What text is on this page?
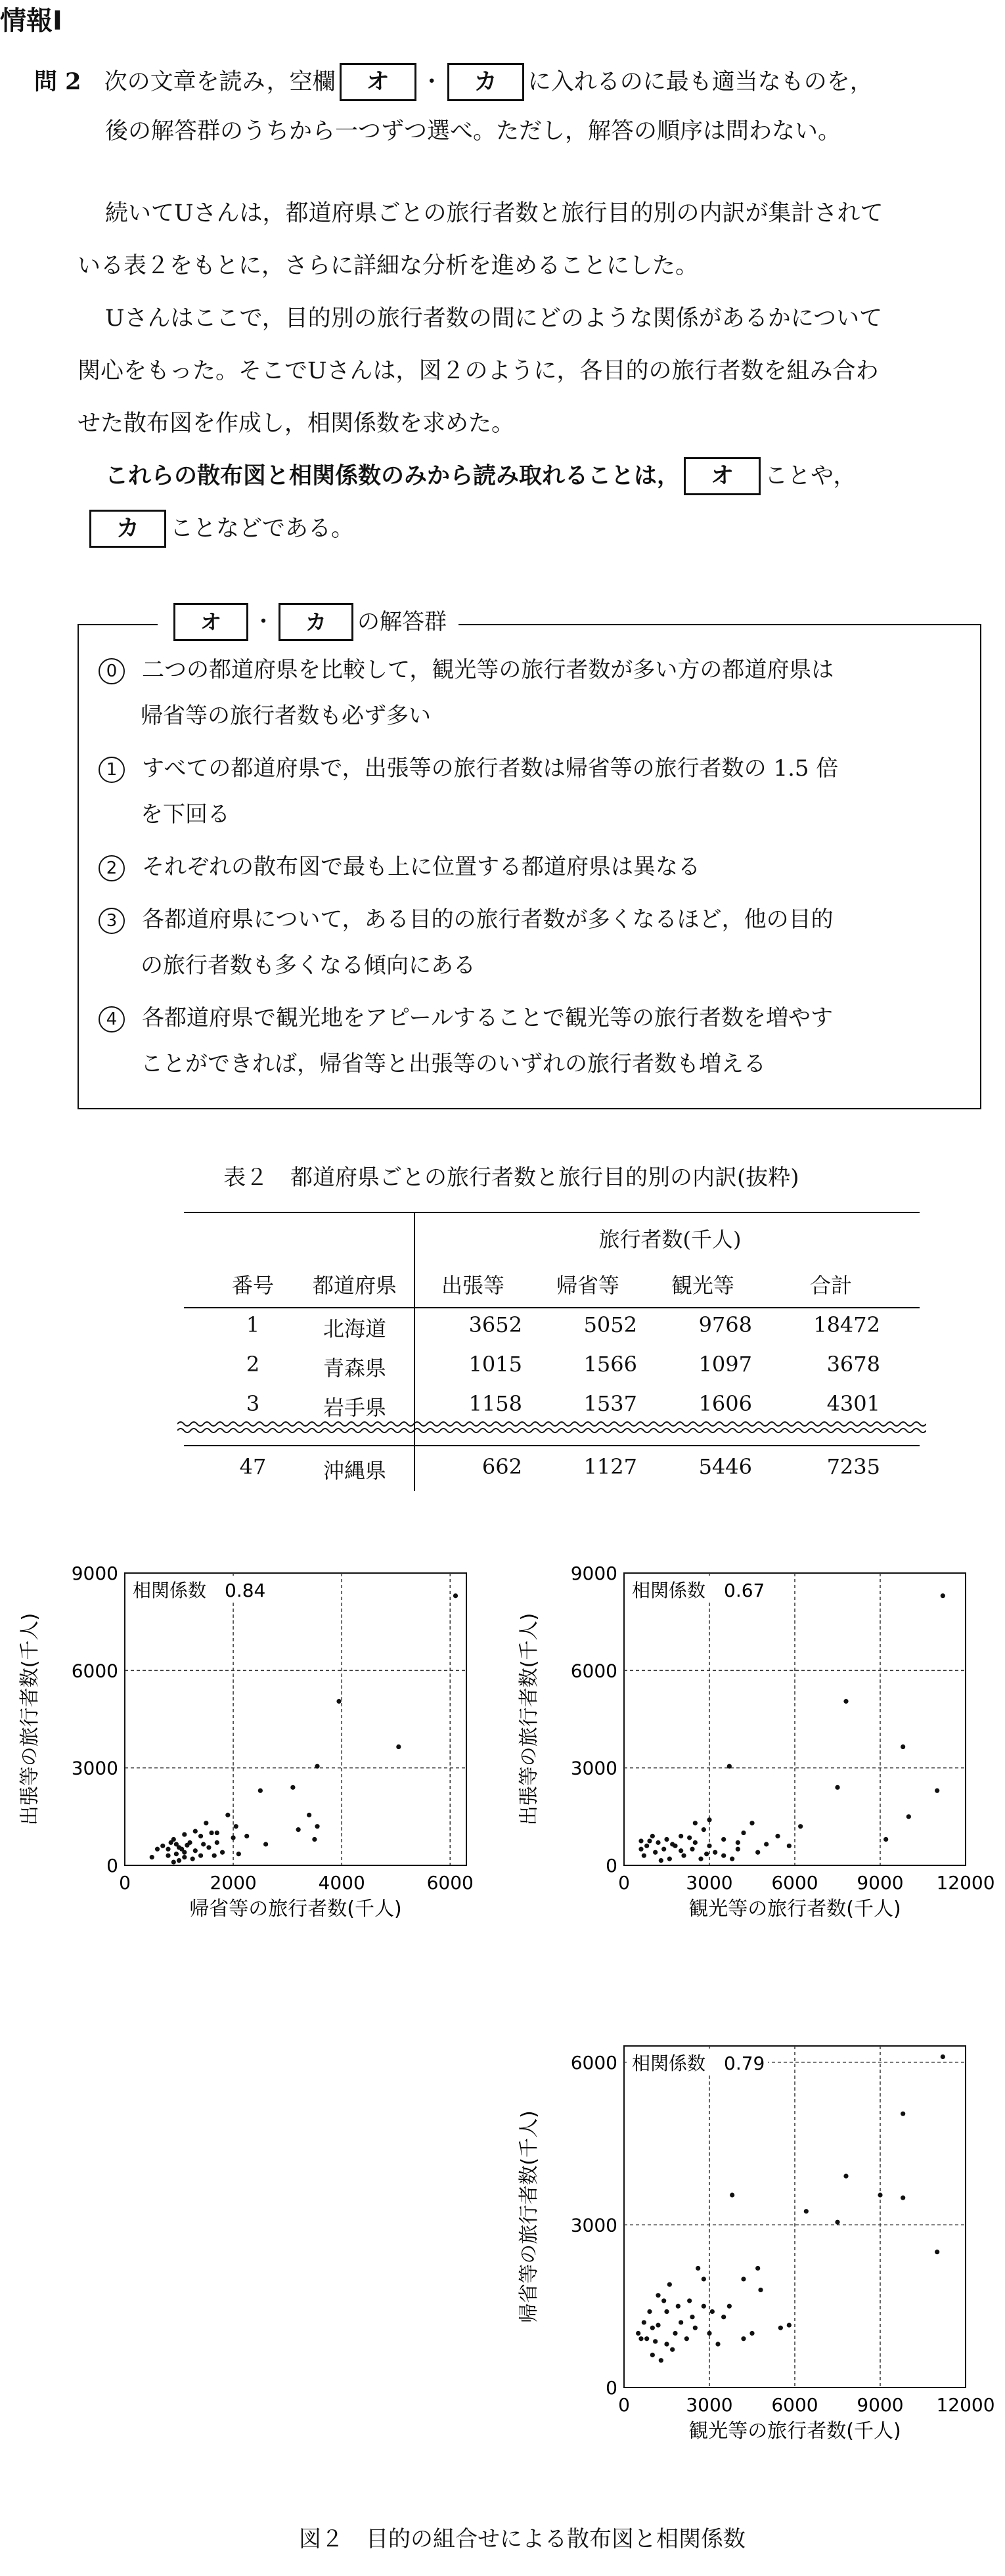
情報Ⅰ
問 2　 次の文章を読み，空欄 オ ・ カ に入れるのに最も適当なものを，
後の解答群のうちから一つずつ選べ。ただし，解答の順序は問わない。
続いてUさんは，都道府県ごとの旅行者数と旅行目的別の内訳が集計されて
いる表２をもとに，さらに詳細な分析を進めることにした。
Uさんはここで，目的別の旅行者数の間にどのような関係があるかについて
関心をもった。そこでUさんは，図２のように，各目的の旅行者数を組み合わ
せた散布図を作成し，相関係数を求めた。
これらの散布図と相関係数のみから読み取れることは， オ ことや，
カ ことなどである。
オ ・ カ の解答群
0 二つの都道府県を比較して，観光等の旅行者数が多い方の都道府県は
帰省等の旅行者数も必ず多い
1 すべての都道府県で，出張等の旅行者数は帰省等の旅行者数の 1.5 倍
を下回る
2 それぞれの散布図で最も上に位置する都道府県は異なる
3 各都道府県について，ある目的の旅行者数が多くなるほど，他の目的
の旅行者数も多くなる傾向にある
4 各都道府県で観光地をアピールすることで観光等の旅行者数を増やす
ことができれば，帰省等と出張等のいずれの旅行者数も増える
表２　都道府県ごとの旅行者数と旅行目的別の内訳(抜粋)
旅行者数(千人)
番号	都道府県	出張等	帰省等	観光等	合計
1	北海道	3652	5052	9768	18472
2	青森県	1015	1566	1097	3678
3	岩手県	1158	1537	1606	4301
47	沖縄県	662	1127	5446	7235
0	2000	4000	6000
0
3000
6000
9000
帰省等の旅行者数(千人)
出張等の旅行者数(千人)
相関係数　0.84
0	3000 6000 9000 12000
0
3000
6000
9000
観光等の旅行者数(千人)
出張等の旅行者数(千人)
相関係数　0.67
0	3000 6000 9000 12000
0
3000
6000
観光等の旅行者数(千人)
帰省等の旅行者数(千人)
相関係数　0.79
図２　目的の組合せによる散布図と相関係数
